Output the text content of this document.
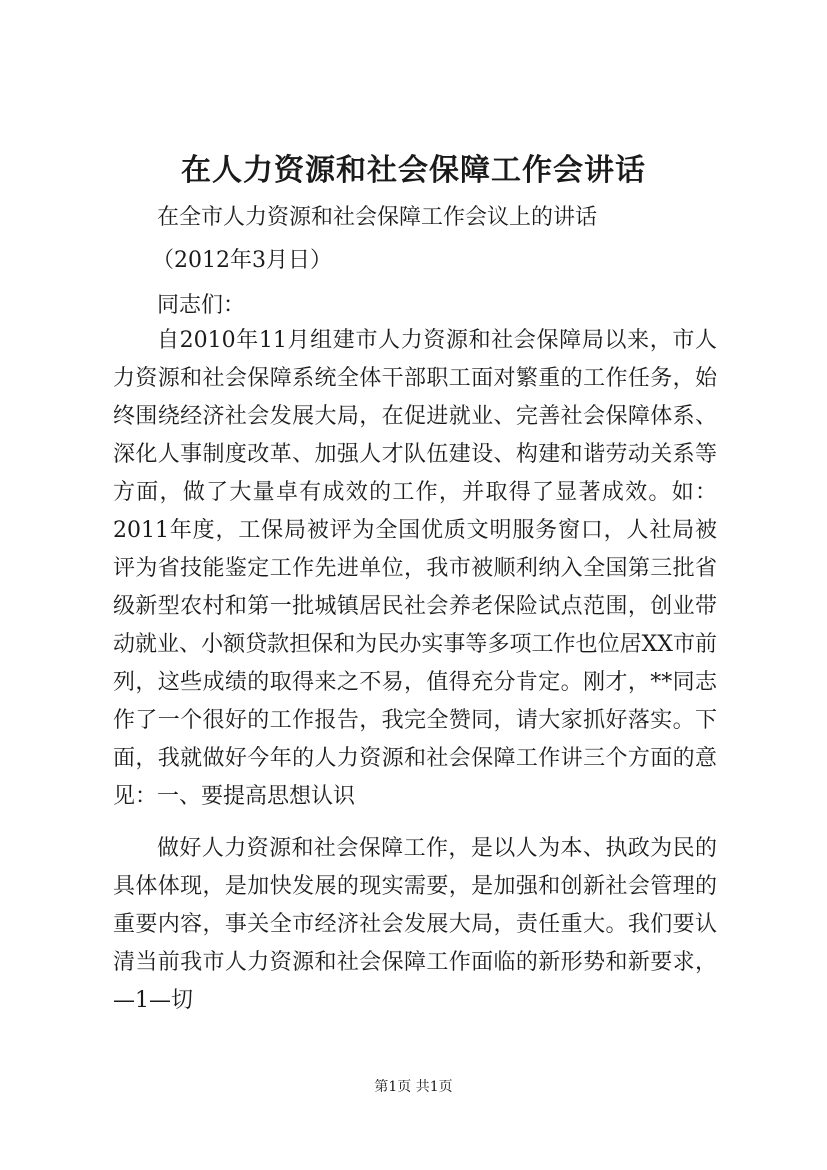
在人力资源和社会保障工作会讲话
在全市人力资源和社会保障工作会议上的讲话
（2012年3月日）
同志们：
自2010年11月组建市人力资源和社会保障局以来，市人力资源和社会保障系统全体干部职工面对繁重的工作任务，始终围绕经济社会发展大局，在促进就业、完善社会保障体系、深化人事制度改革、加强人才队伍建设、构建和谐劳动关系等方面，做了大量卓有成效的工作，并取得了显著成效。如：2011年度，工保局被评为全国优质文明服务窗口，人社局被评为省技能鉴定工作先进单位，我市被顺利纳入全国第三批省级新型农村和第一批城镇居民社会养老保险试点范围，创业带动就业、小额贷款担保和为民办实事等多项工作也位居XX市前列，这些成绩的取得来之不易，值得充分肯定。刚才，**同志作了一个很好的工作报告，我完全赞同，请大家抓好落实。下面，我就做好今年的人力资源和社会保障工作讲三个方面的意见： 一、要提高思想认识
做好人力资源和社会保障工作，是以人为本、执政为民的具体体现，是加快发展的现实需要，是加强和创新社会管理的重要内容，事关全市经济社会发展大局，责任重大。我们要认清当前我市人力资源和社会保障工作面临的新形势和新要求，—1—切
第1页 共1页
